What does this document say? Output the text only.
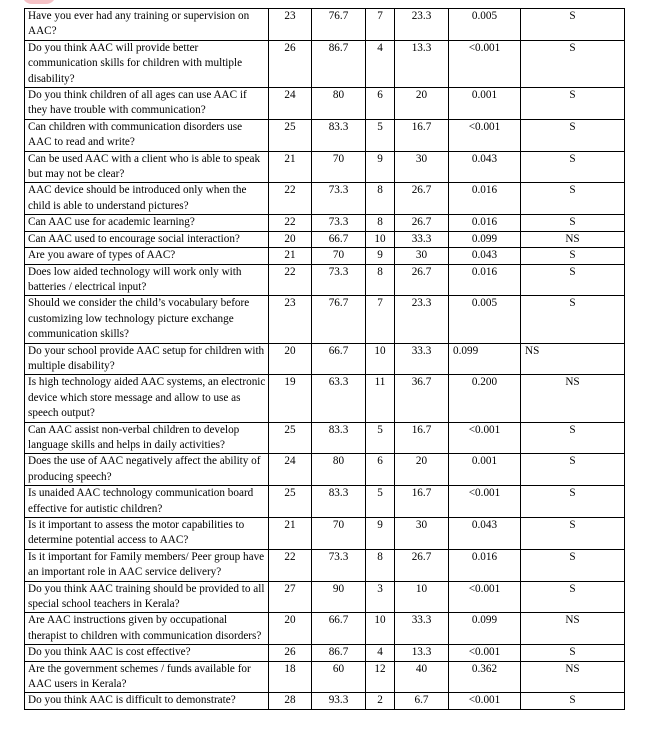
Have you ever had any training or supervision on AAC?	23	76.7	7	23.3	0.005	S
Do you think AAC will provide better communication skills for children with multiple disability?	26	86.7	4	13.3	<0.001	S
Do you think children of all ages can use AAC if they have trouble with communication?	24	80	6	20	0.001	S
Can children with communication disorders use AAC to read and write?	25	83.3	5	16.7	<0.001	S
Can be used AAC with a client who is able to speak but may not be clear?	21	70	9	30	0.043	S
AAC device should be introduced only when the child is able to understand pictures?	22	73.3	8	26.7	0.016	S
Can AAC use for academic learning?	22	73.3	8	26.7	0.016	S
Can AAC used to encourage social interaction?	20	66.7	10	33.3	0.099	NS
Are you aware of types of AAC?	21	70	9	30	0.043	S
Does low aided technology will work only with batteries / electrical input?	22	73.3	8	26.7	0.016	S
Should we consider the child’s vocabulary before customizing low technology picture exchange communication skills?	23	76.7	7	23.3	0.005	S
Do your school provide AAC setup for children with multiple disability?	20	66.7	10	33.3	0.099	NS
Is high technology aided AAC systems, an electronic device which store message and allow to use as speech output?	19	63.3	11	36.7	0.200	NS
Can AAC assist non-verbal children to develop language skills and helps in daily activities?	25	83.3	5	16.7	<0.001	S
Does the use of AAC negatively affect the ability of producing speech?	24	80	6	20	0.001	S
Is unaided AAC technology communication board effective for autistic children?	25	83.3	5	16.7	<0.001	S
Is it important to assess the motor capabilities to determine potential access to AAC?	21	70	9	30	0.043	S
Is it important for Family members/ Peer group have an important role in AAC service delivery?	22	73.3	8	26.7	0.016	S
Do you think AAC training should be provided to all special school teachers in Kerala?	27	90	3	10	<0.001	S
Are AAC instructions given by occupational therapist to children with communication disorders?	20	66.7	10	33.3	0.099	NS
Do you think AAC is cost effective?	26	86.7	4	13.3	<0.001	S
Are the government schemes / funds available for AAC users in Kerala?	18	60	12	40	0.362	NS
Do you think AAC is difficult to demonstrate?	28	93.3	2	6.7	<0.001	S
